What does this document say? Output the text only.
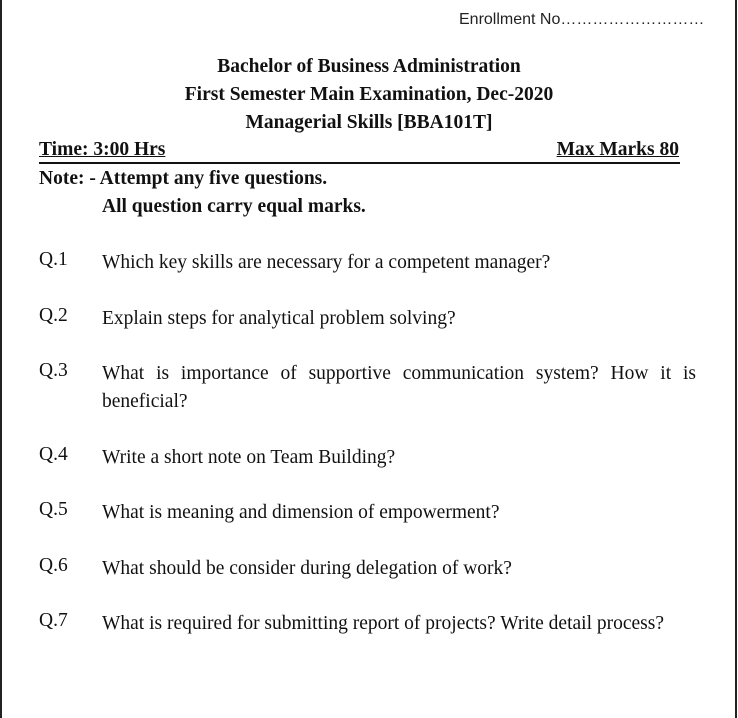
Enrollment No………………………
Bachelor of Business Administration
First Semester Main Examination, Dec-2020
Managerial Skills [BBA101T]
Time: 3:00 Hrs	Max Marks 80
Note: - Attempt any five questions.
All question carry equal marks.
Q.1 Which key skills are necessary for a competent manager?
Q.2 Explain steps for analytical problem solving?
Q.3 What is importance of supportive communication system? How it is beneficial?
Q.4 Write a short note on Team Building?
Q.5 What is meaning and dimension of empowerment?
Q.6 What should be consider during delegation of work?
Q.7 What is required for submitting report of projects? Write detail process?
